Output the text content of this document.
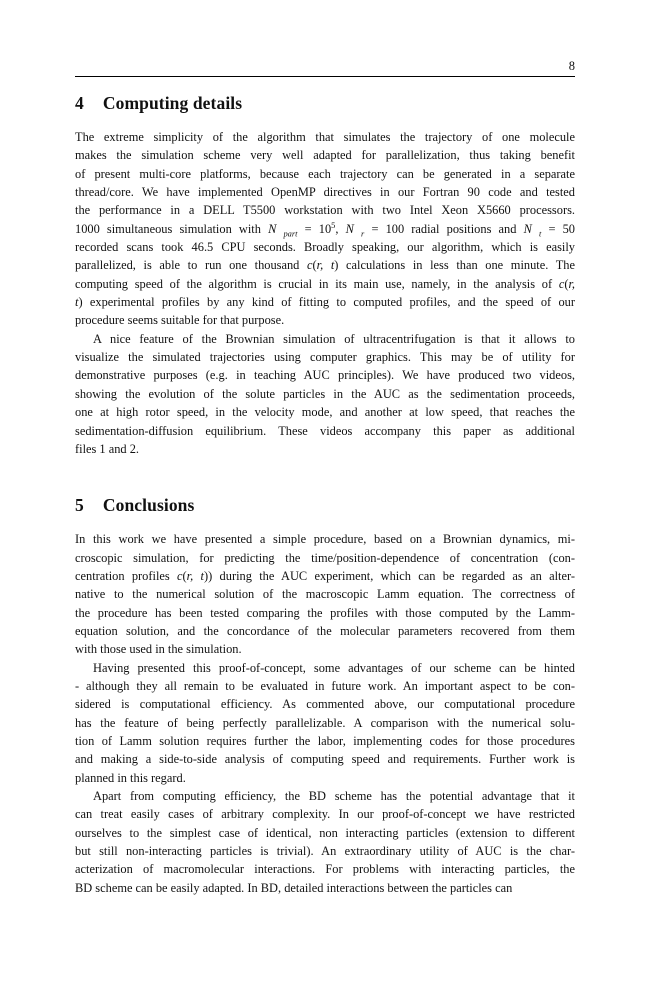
8
4 Computing details
The extreme simplicity of the algorithm that simulates the trajectory of one molecule
makes the simulation scheme very well adapted for parallelization, thus taking benefit
of present multi-core platforms, because each trajectory can be generated in a separate
thread/core. We have implemented OpenMP directives in our Fortran 90 code and tested
the performance in a DELL T5500 workstation with two Intel Xeon X5660 processors.
1000 simultaneous simulation with N $_{part} = 10^5$, N $_r$ = 100 radial positions and N $_t$ = 50
recorded scans took 46.5 CPU seconds. Broadly speaking, our algorithm, which is easily
parallelized, is able to run one thousand c(r, t) calculations in less than one minute. The
computing speed of the algorithm is crucial in its main use, namely, in the analysis of c(r,
t) experimental profiles by any kind of fitting to computed profiles, and the speed of our
procedure seems suitable for that purpose.
A nice feature of the Brownian simulation of ultracentrifugation is that it allows to
visualize the simulated trajectories using computer graphics. This may be of utility for
demonstrative purposes (e.g. in teaching AUC principles). We have produced two videos,
showing the evolution of the solute particles in the AUC as the sedimentation proceeds,
one at high rotor speed, in the velocity mode, and another at low speed, that reaches the
sedimentation-diffusion equilibrium. These videos accompany this paper as additional
files 1 and 2.
5 Conclusions
In this work we have presented a simple procedure, based on a Brownian dynamics, mi-
croscopic simulation, for predicting the time/position-dependence of concentration (con-
centration profiles c(r, t)) during the AUC experiment, which can be regarded as an alter-
native to the numerical solution of the macroscopic Lamm equation. The correctness of
the procedure has been tested comparing the profiles with those computed by the Lamm-
equation solution, and the concordance of the molecular parameters recovered from them
with those used in the simulation.
Having presented this proof-of-concept, some advantages of our scheme can be hinted
- although they all remain to be evaluated in future work. An important aspect to be con-
sidered is computational efficiency. As commented above, our computational procedure
has the feature of being perfectly parallelizable. A comparison with the numerical solu-
tion of Lamm solution requires further the labor, implementing codes for those procedures
and making a side-to-side analysis of computing speed and requirements. Further work is
planned in this regard.
Apart from computing efficiency, the BD scheme has the potential advantage that it
can treat easily cases of arbitrary complexity. In our proof-of-concept we have restricted
ourselves to the simplest case of identical, non interacting particles (extension to different
but still non-interacting particles is trivial). An extraordinary utility of AUC is the char-
acterization of macromolecular interactions. For problems with interacting particles, the
BD scheme can be easily adapted. In BD, detailed interactions between the particles can
